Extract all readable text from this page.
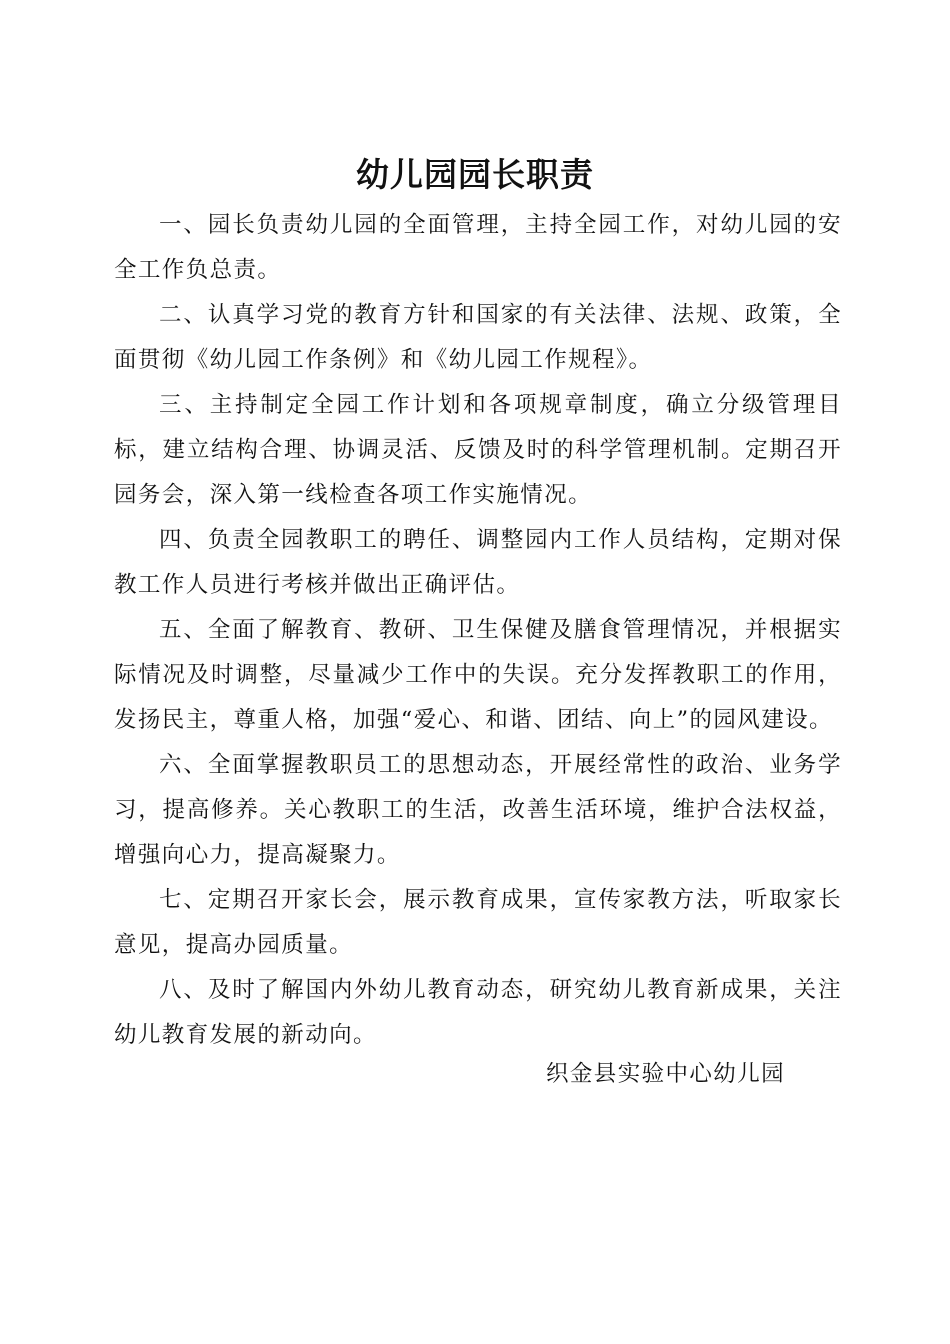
幼儿园园长职责

一、园长负责幼儿园的全面管理，主持全园工作，对幼儿园的安全工作负总责。

二、认真学习党的教育方针和国家的有关法律、法规、政策，全面贯彻《幼儿园工作条例》和《幼儿园工作规程》。

三、主持制定全园工作计划和各项规章制度，确立分级管理目标，建立结构合理、协调灵活、反馈及时的科学管理机制。定期召开园务会，深入第一线检查各项工作实施情况。

四、负责全园教职工的聘任、调整园内工作人员结构，定期对保教工作人员进行考核并做出正确评估。

五、全面了解教育、教研、卫生保健及膳食管理情况，并根据实际情况及时调整，尽量减少工作中的失误。充分发挥教职工的作用，发扬民主，尊重人格，加强“爱心、和谐、团结、向上”的园风建设。

六、全面掌握教职员工的思想动态，开展经常性的政治、业务学习，提高修养。关心教职工的生活，改善生活环境，维护合法权益，增强向心力，提高凝聚力。

七、定期召开家长会，展示教育成果，宣传家教方法，听取家长意见，提高办园质量。

八、及时了解国内外幼儿教育动态，研究幼儿教育新成果，关注幼儿教育发展的新动向。

织金县实验中心幼儿园
